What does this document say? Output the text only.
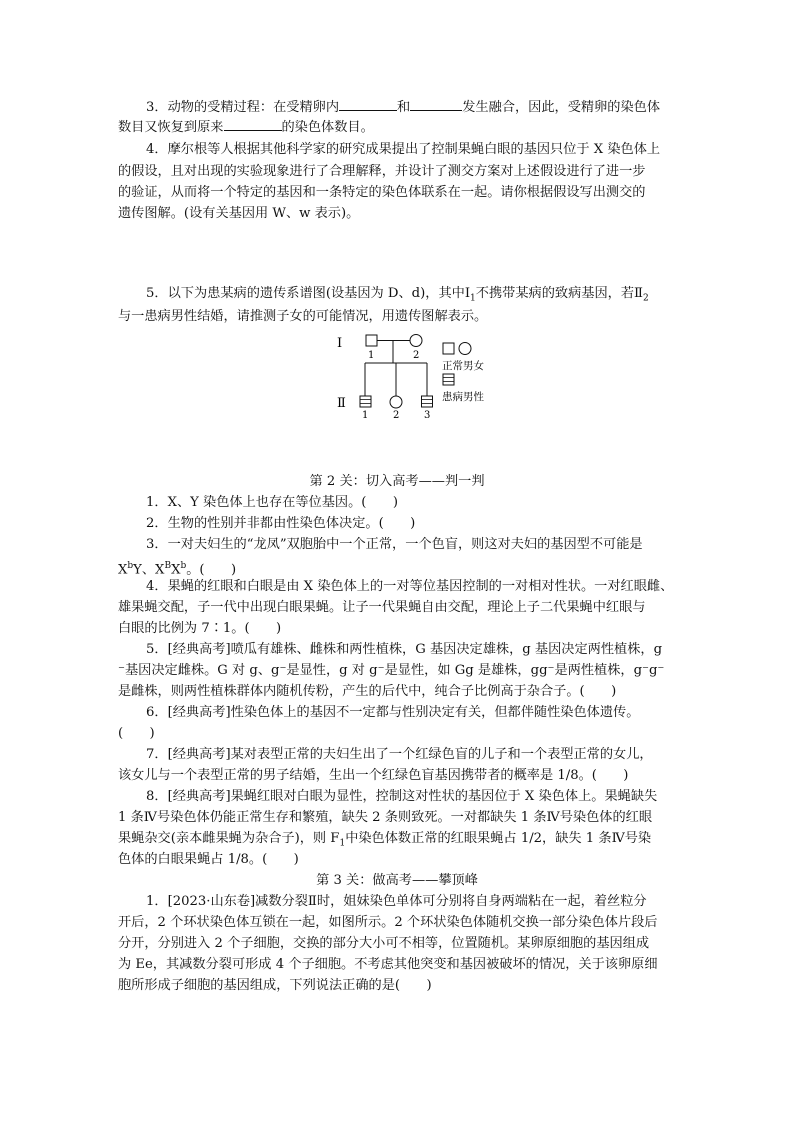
3．动物的受精过程：在受精卵内	和	发生融合，因此，受精卵的染色体
数目又恢复到原来	的染色体数目。
4．摩尔根等人根据其他科学家的研究成果提出了控制果蝇白眼的基因只位于 X 染色体上
的假设，且对出现的实验现象进行了合理解释，并设计了测交方案对上述假设进行了进一步
的验证，从而将一个特定的基因和一条特定的染色体联系在一起。请你根据假设写出测交的
遗传图解。(设有关基因用 W、w 表示)。
5．以下为患某病的遗传系谱图(设基因为 D、d)，其中$Ⅰ_1$不携带某病的致病基因，若$Ⅱ_2$
与一患病男性结婚，请推测子女的可能情况，用遗传图解表示。
Ⅰ
1	2
Ⅱ
正常男女
患病男性
1 2 3
第 2 关：切入高考——判一判
1．X、Y 染色体上也存在等位基因。(　　)
2．生物的性别并非都由性染色体决定。(　　)
3．一对夫妇生的“龙凤”双胞胎中一个正常，一个色盲，则这对夫妇的基因型不可能是
$X^bY$、$X^BX^b$。(　　)
4．果蝇的红眼和白眼是由 X 染色体上的一对等位基因控制的一对相对性状。一对红眼雌、
雄果蝇交配，子一代中出现白眼果蝇。让子一代果蝇自由交配，理论上子二代果蝇中红眼与
白眼的比例为 7∶1。(　　)
5．[经典高考]喷瓜有雄株、雌株和两性植株，G 基因决定雄株，g 基因决定两性植株，g
⁻基因决定雌株。G 对 g、g⁻是显性，g 对 g⁻是显性，如 Gg 是雄株，gg⁻是两性植株，g⁻g⁻
是雌株，则两性植株群体内随机传粉，产生的后代中，纯合子比例高于杂合子。(　　)
6．[经典高考]性染色体上的基因不一定都与性别决定有关，但都伴随性染色体遗传。
(　　)
7．[经典高考]某对表型正常的夫妇生出了一个红绿色盲的儿子和一个表型正常的女儿，
该女儿与一个表型正常的男子结婚，生出一个红绿色盲基因携带者的概率是 1/8。(　　)
8．[经典高考]果蝇红眼对白眼为显性，控制这对性状的基因位于 X 染色体上。果蝇缺失
1 条Ⅳ号染色体仍能正常生存和繁殖，缺失 2 条则致死。一对都缺失 1 条Ⅳ号染色体的红眼
果蝇杂交(亲本雌果蝇为杂合子)，则 $F_1$中染色体数正常的红眼果蝇占 1/2，缺失 1 条Ⅳ号染
色体的白眼果蝇占 1/8。(　　)
第 3 关：做高考——攀顶峰
1．[2023·山东卷]减数分裂Ⅱ时，姐妹染色单体可分别将自身两端粘在一起，着丝粒分
开后，2 个环状染色体互锁在一起，如图所示。2 个环状染色体随机交换一部分染色体片段后
分开，分别进入 2 个子细胞，交换的部分大小可不相等，位置随机。某卵原细胞的基因组成
为 Ee，其减数分裂可形成 4 个子细胞。不考虑其他突变和基因被破坏的情况，关于该卵原细
胞所形成子细胞的基因组成，下列说法正确的是(　　)
